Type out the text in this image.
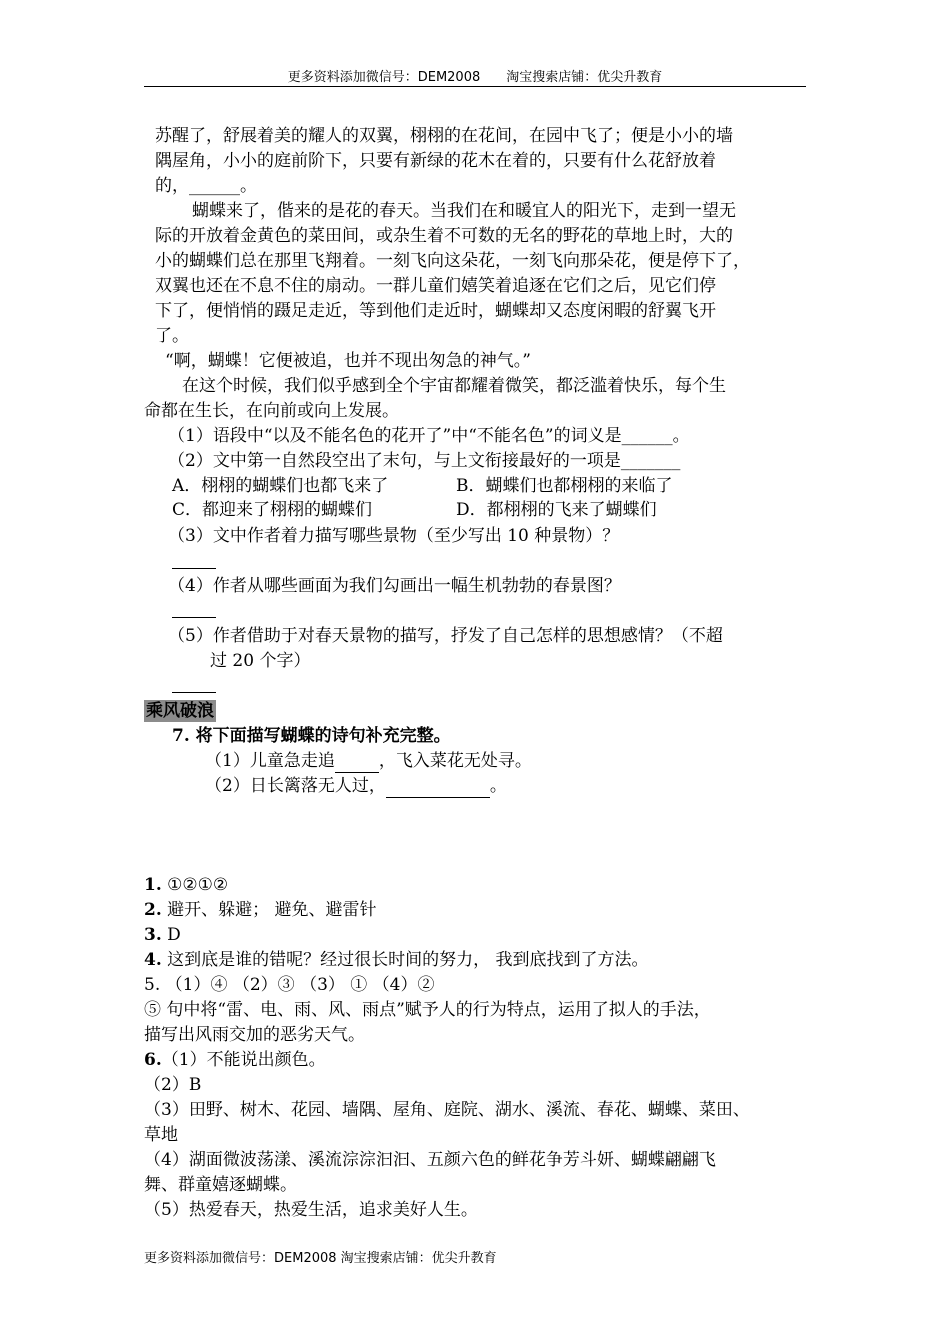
更多资料添加微信号：DEM2008 淘宝搜索店铺：优尖升教育
苏醒了，舒展着美的耀人的双翼，栩栩的在花间，在园中飞了；便是小小的墙
隅屋角，小小的庭前阶下，只要有新绿的花木在着的，只要有什么花舒放着
的，______。
蝴蝶来了，偕来的是花的春天。当我们在和暖宜人的阳光下，走到一望无
际的开放着金黄色的菜田间，或杂生着不可数的无名的野花的草地上时，大的
小的蝴蝶们总在那里飞翔着。一刻飞向这朵花，一刻飞向那朵花，便是停下了，
双翼也还在不息不住的扇动。一群儿童们嬉笑着追逐在它们之后，见它们停
下了，便悄悄的蹑足走近，等到他们走近时，蝴蝶却又态度闲暇的舒翼飞开
了。
“啊，蝴蝶！它便被追，也并不现出匆急的神气。”
在这个时候，我们似乎感到全个宇宙都耀着微笑，都泛滥着快乐，每个生
命都在生长，在向前或向上发展。
（1）语段中“以及不能名色的花开了”中“不能名色”的词义是______。
（2）文中第一自然段空出了末句，与上文衔接最好的一项是_______
A．栩栩的蝴蝶们也都飞来了	B．蝴蝶们也都栩栩的来临了
C．都迎来了栩栩的蝴蝶们	D．都栩栩的飞来了蝴蝶们
（3）文中作者着力描写哪些景物（至少写出 10 种景物）？
（4）作者从哪些画面为我们勾画出一幅生机勃勃的春景图？
（5）作者借助于对春天景物的描写，抒发了自己怎样的思想感情？（不超
过 20 个字）
乘风破浪
7. 将下面描写蝴蝶的诗句补充完整。
（1）儿童急走追	，飞入菜花无处寻。
（2）日长篱落无人过，	。
1. ①②①②
2. 避开、躲避； 避免、避雷针
3. D
4. 这到底是谁的错呢？经过很长时间的努力， 我到底找到了方法。
5. （1）④ （2）③ （3） ① （4）②
⑤ 句中将“雷、电、雨、风、雨点”赋予人的行为特点，运用了拟人的手法，
描写出风雨交加的恶劣天气。
6.（1）不能说出颜色。
（2）B
（3）田野、树木、花园、墙隅、屋角、庭院、湖水、溪流、春花、蝴蝶、菜田、
草地
（4）湖面微波荡漾、溪流淙淙汩汩、五颜六色的鲜花争芳斗妍、蝴蝶翩翩飞
舞、群童嬉逐蝴蝶。
（5）热爱春天，热爱生活，追求美好人生。
更多资料添加微信号：DEM2008 淘宝搜索店铺：优尖升教育
